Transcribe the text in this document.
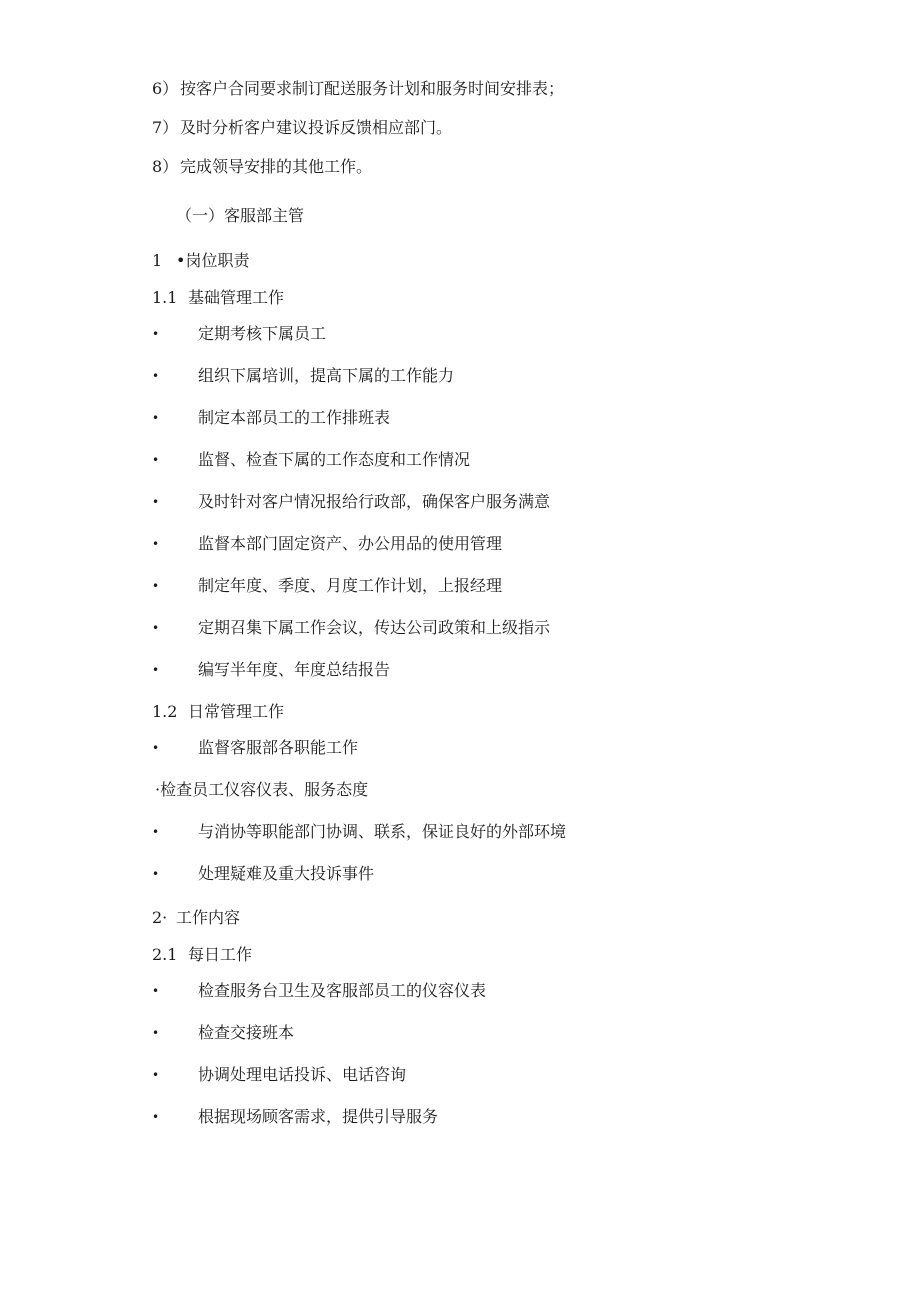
6） 按客户合同要求制订配送服务计划和服务时间安排表；
7） 及时分析客户建议投诉反馈相应部门。
8） 完成领导安排的其他工作。
（一）客服部主管
1 •岗位职责
1.1 基础管理工作
• 定期考核下属员工
• 组织下属培训，提高下属的工作能力
• 制定本部员工的工作排班表
• 监督、检查下属的工作态度和工作情况
• 及时针对客户情况报给行政部，确保客户服务满意
• 监督本部门固定资产、办公用品的使用管理
• 制定年度、季度、月度工作计划，上报经理
• 定期召集下属工作会议，传达公司政策和上级指示
• 编写半年度、年度总结报告
1.2 日常管理工作
• 监督客服部各职能工作
·检查员工仪容仪表、服务态度
• 与消协等职能部门协调、联系，保证良好的外部环境
• 处理疑难及重大投诉事件
2· 工作内容
2.1 每日工作
• 检查服务台卫生及客服部员工的仪容仪表
• 检查交接班本
• 协调处理电话投诉、电话咨询
• 根据现场顾客需求，提供引导服务
